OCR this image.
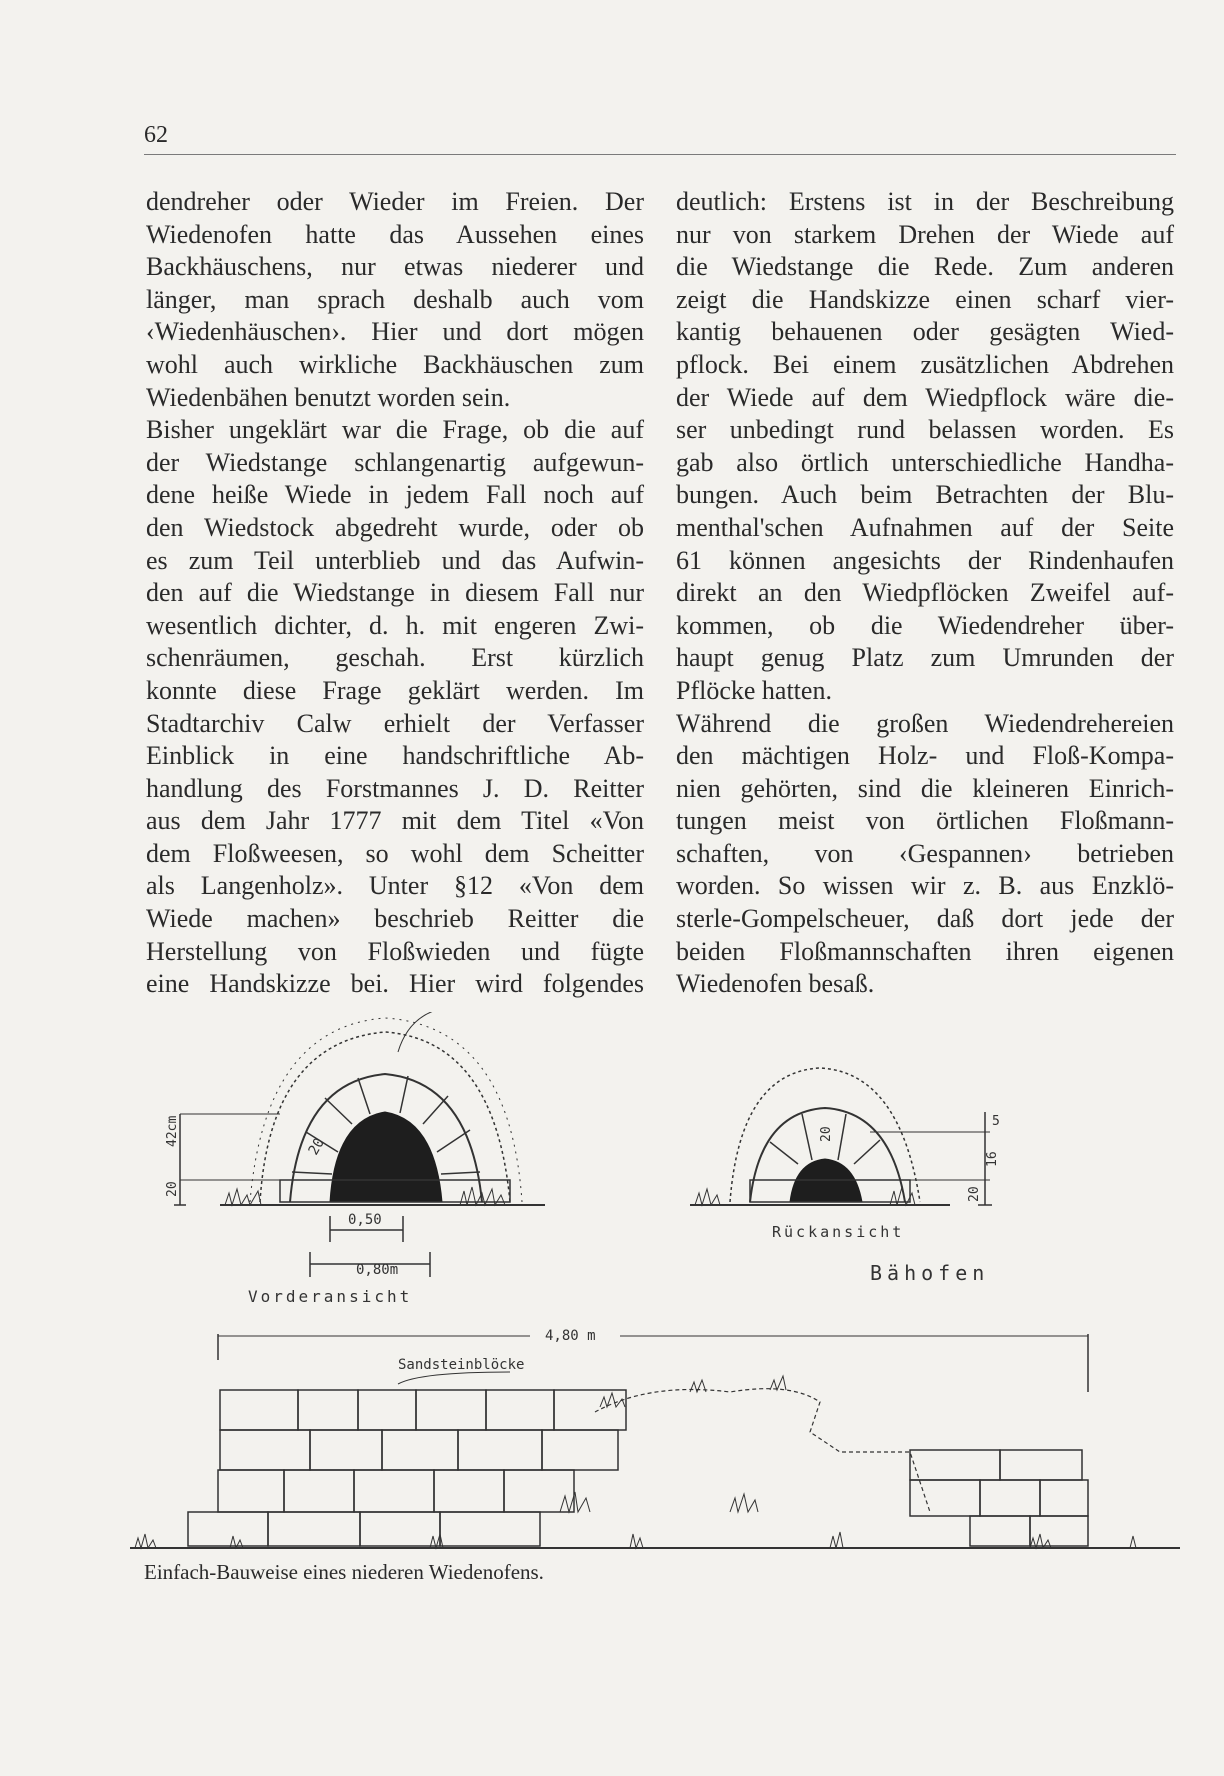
62
dendreher oder Wieder im Freien. Der
Wiedenofen hatte das Aussehen eines
Backhäuschens, nur etwas niederer und
länger, man sprach deshalb auch vom
‹Wiedenhäuschen›. Hier und dort mögen
wohl auch wirkliche Backhäuschen zum
Wiedenbähen benutzt worden sein.
Bisher ungeklärt war die Frage, ob die auf
der Wiedstange schlangenartig aufgewun-
dene heiße Wiede in jedem Fall noch auf
den Wiedstock abgedreht wurde, oder ob
es zum Teil unterblieb und das Aufwin-
den auf die Wiedstange in diesem Fall nur
wesentlich dichter, d. h. mit engeren Zwi-
schenräumen, geschah. Erst kürzlich
konnte diese Frage geklärt werden. Im
Stadtarchiv Calw erhielt der Verfasser
Einblick in eine handschriftliche Ab-
handlung des Forstmannes J. D. Reitter
aus dem Jahr 1777 mit dem Titel «Von
dem Floßweesen, so wohl dem Scheitter
als Langenholz». Unter §12 «Von dem
Wiede machen» beschrieb Reitter die
Herstellung von Floßwieden und fügte
eine Handskizze bei. Hier wird folgendes
deutlich: Erstens ist in der Beschreibung
nur von starkem Drehen der Wiede auf
die Wiedstange die Rede. Zum anderen
zeigt die Handskizze einen scharf vier-
kantig behauenen oder gesägten Wied-
pflock. Bei einem zusätzlichen Abdrehen
der Wiede auf dem Wiedpflock wäre die-
ser unbedingt rund belassen worden. Es
gab also örtlich unterschiedliche Handha-
bungen. Auch beim Betrachten der Blu-
menthal'schen Aufnahmen auf der Seite
61 können angesichts der Rindenhaufen
direkt an den Wiedpflöcken Zweifel auf-
kommen, ob die Wiedendreher über-
haupt genug Platz zum Umrunden der
Pflöcke hatten.
Während die großen Wiedendrehereien
den mächtigen Holz- und Floß-Kompa-
nien gehörten, sind die kleineren Einrich-
tungen meist von örtlichen Floßmann-
schaften, von ‹Gespannen› betrieben
worden. So wissen wir z. B. aus Enzklö-
sterle-Gompelscheuer, daß dort jede der
beiden Floßmannschaften ihren eigenen
Wiedenofen besaß.
42cm
20
20
0,50
0,80m
Vorderansicht
5
16
20
20
Rückansicht
Bähofen
4,80 m
Sandsteinblöcke
Einfach-Bauweise eines niederen Wiedenofens.
